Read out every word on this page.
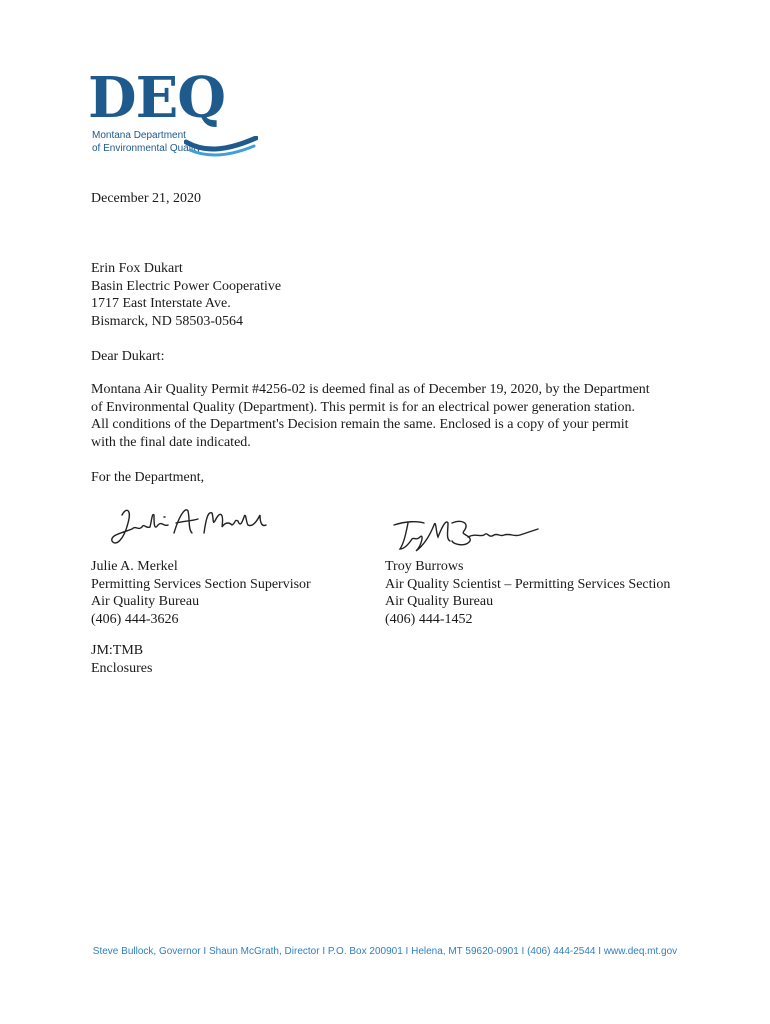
DEQ
Montana Department
of Environmental Quality
December 21, 2020
Erin Fox Dukart
Basin Electric Power Cooperative
1717 East Interstate Ave.
Bismarck, ND 58503-0564
Dear Dukart:
Montana Air Quality Permit #4256-02 is deemed final as of December 19, 2020, by the Department
of Environmental Quality (Department). This permit is for an electrical power generation station.
All conditions of the Department's Decision remain the same. Enclosed is a copy of your permit
with the final date indicated.
For the Department,
Julie A. Merkel
Permitting Services Section Supervisor
Air Quality Bureau
(406) 444-3626
Troy Burrows
Air Quality Scientist – Permitting Services Section
Air Quality Bureau
(406) 444-1452
JM:TMB
Enclosures
Steve Bullock, Governor I Shaun McGrath, Director I P.O. Box 200901 I Helena, MT 59620-0901 I (406) 444-2544 I www.deq.mt.gov
